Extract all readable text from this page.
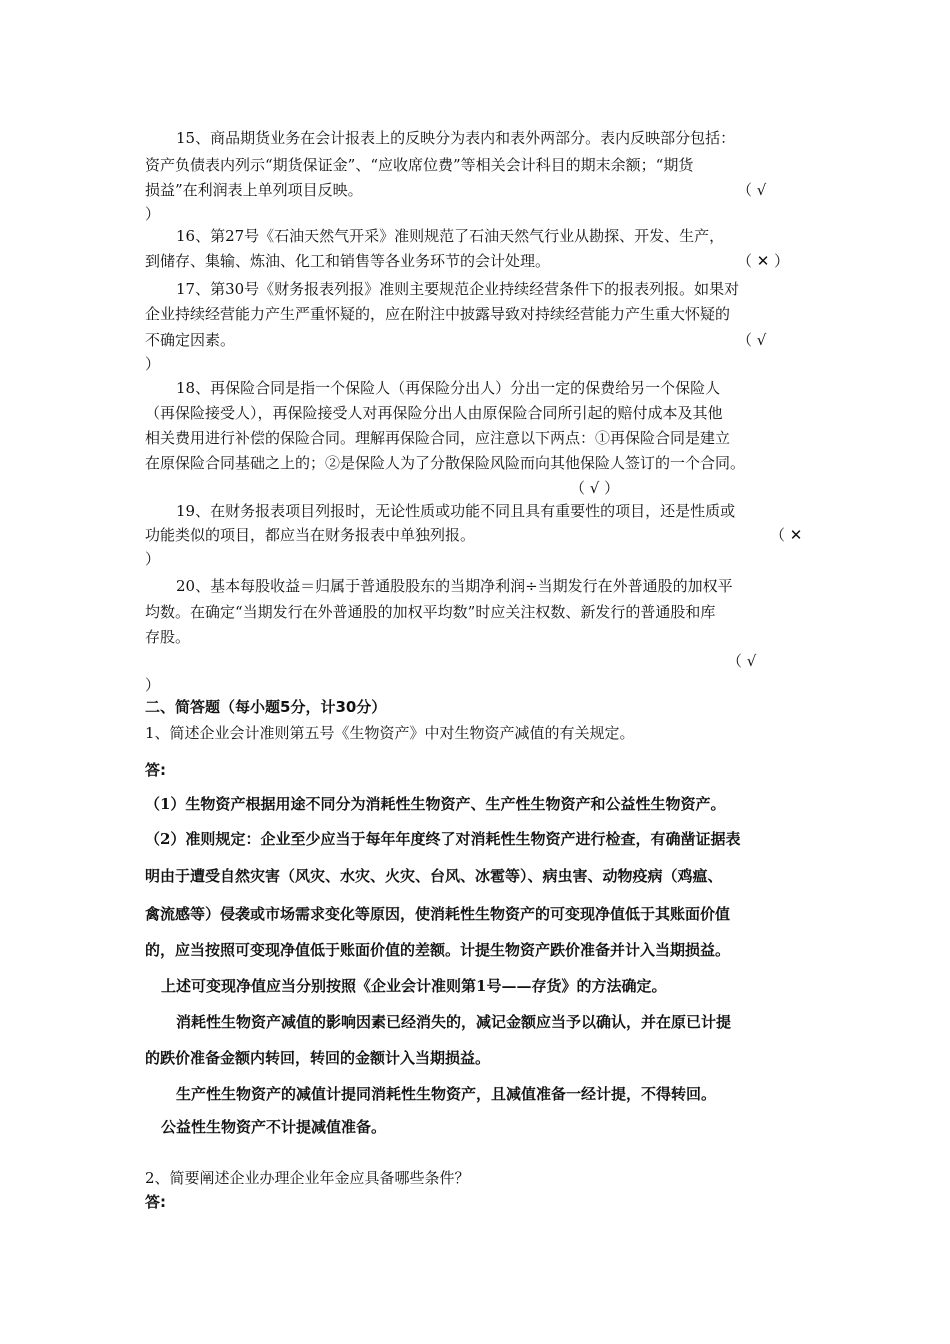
15、商品期货业务在会计报表上的反映分为表内和表外两部分。表内反映部分包括：
资产负债表内列示“期货保证金”、“应收席位费”等相关会计科目的期末余额；“期货
损益”在利润表上单列项目反映。	（ √
）
16、第27号《石油天然气开采》准则规范了石油天然气行业从勘探、开发、生产，
到储存、集输、炼油、化工和销售等各业务环节的会计处理。	（ ✕ ）
17、第30号《财务报表列报》准则主要规范企业持续经营条件下的报表列报。如果对
企业持续经营能力产生严重怀疑的，应在附注中披露导致对持续经营能力产生重大怀疑的
不确定因素。	（ √
）
18、再保险合同是指一个保险人（再保险分出人）分出一定的保费给另一个保险人
（再保险接受人），再保险接受人对再保险分出人由原保险合同所引起的赔付成本及其他
相关费用进行补偿的保险合同。理解再保险合同，应注意以下两点：①再保险合同是建立
在原保险合同基础之上的；②是保险人为了分散保险风险而向其他保险人签订的一个合同。
（ √ ）
19、在财务报表项目列报时，无论性质或功能不同且具有重要性的项目，还是性质或
功能类似的项目，都应当在财务报表中单独列报。	（ ✕
）
20、基本每股收益＝归属于普通股股东的当期净利润÷当期发行在外普通股的加权平
均数。在确定“当期发行在外普通股的加权平均数”时应关注权数、新发行的普通股和库
存股。
（ √
）
二、简答题（每小题5分，计30分）
1、简述企业会计准则第五号《生物资产》中对生物资产减值的有关规定。
答:
（1）生物资产根据用途不同分为消耗性生物资产、生产性生物资产和公益性生物资产。
（2）准则规定：企业至少应当于每年年度终了对消耗性生物资产进行检查，有确凿证据表
明由于遭受自然灾害（风灾、水灾、火灾、台风、冰雹等）、病虫害、动物疫病（鸡瘟、
禽流感等）侵袭或市场需求变化等原因，使消耗性生物资产的可变现净值低于其账面价值
的，应当按照可变现净值低于账面价值的差额。计提生物资产跌价准备并计入当期损益。
上述可变现净值应当分别按照《企业会计准则第1号——存货》的方法确定。
消耗性生物资产减值的影响因素已经消失的，减记金额应当予以确认，并在原已计提
的跌价准备金额内转回，转回的金额计入当期损益。
生产性生物资产的减值计提同消耗性生物资产，且减值准备一经计提，不得转回。
公益性生物资产不计提减值准备。
2、简要阐述企业办理企业年金应具备哪些条件？
答:
